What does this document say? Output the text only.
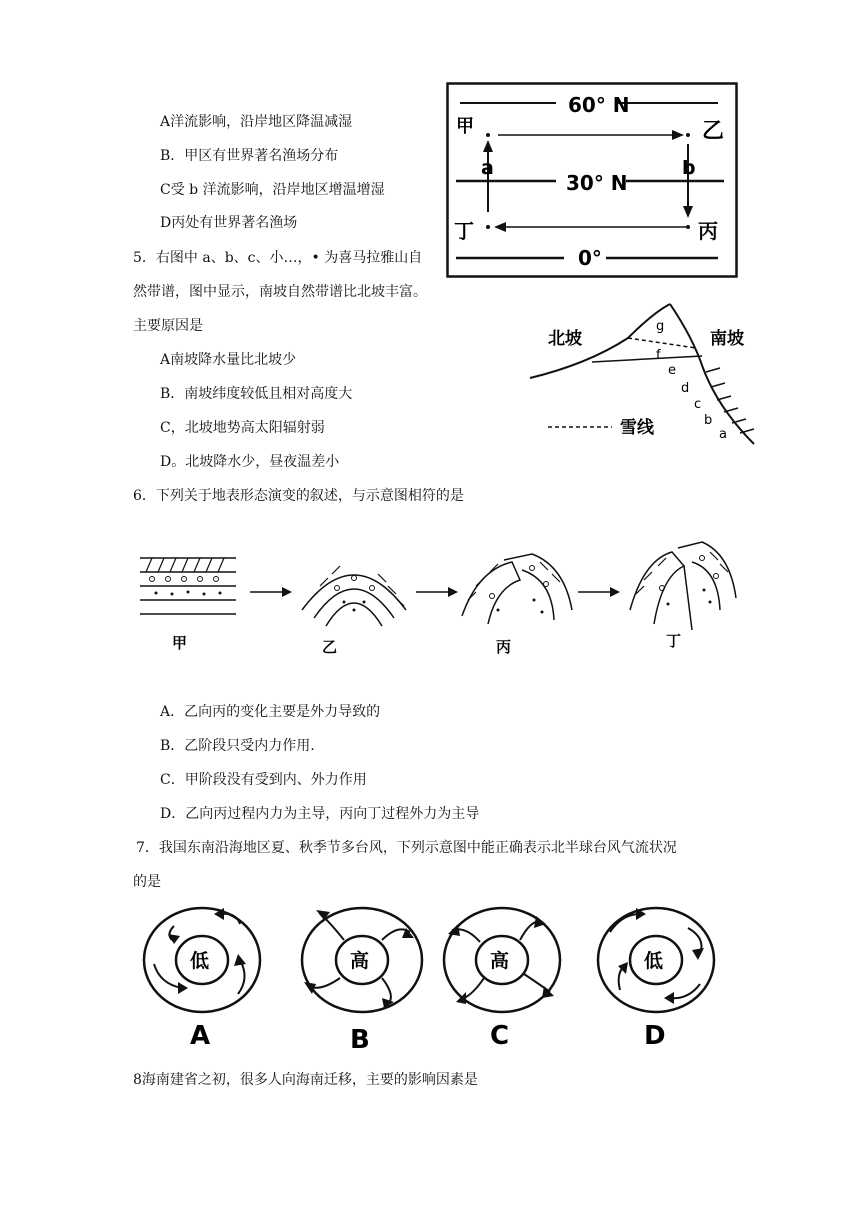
A洋流影响，沿岸地区降温减湿
B．甲区有世界著名渔场分布
C受 b 洋流影响，沿岸地区增温增湿
D丙处有世界著名渔场
60° N
30° N
0°
甲	乙
丙
丁
a	b
5．右图中 a、b、c、小…，• 为喜马拉雅山自
然带谱，图中显示，南坡自然带谱比北坡丰富。
主要原因是
A南坡降水量比北坡少
B．南坡纬度较低且相对高度大
C，北坡地势高太阳辐射弱
D。北坡降水少，昼夜温差小
北坡	南坡
g
f
e
d
c
b
a
雪线
6．下列关于地表形态演变的叙述，与示意图相符的是
甲	乙	丙	丁
A．乙向丙的变化主要是外力导致的
B．乙阶段只受内力作用.
C．甲阶段没有受到内、外力作用
D．乙向丙过程内力为主导，丙向丁过程外力为主导
7．我国东南沿海地区夏、秋季节多台风，下列示意图中能正确表示北半球台风气流状况
的是
低	高	高	低
A	B	C	D
8海南建省之初，很多人向海南迁移，主要的影响因素是
